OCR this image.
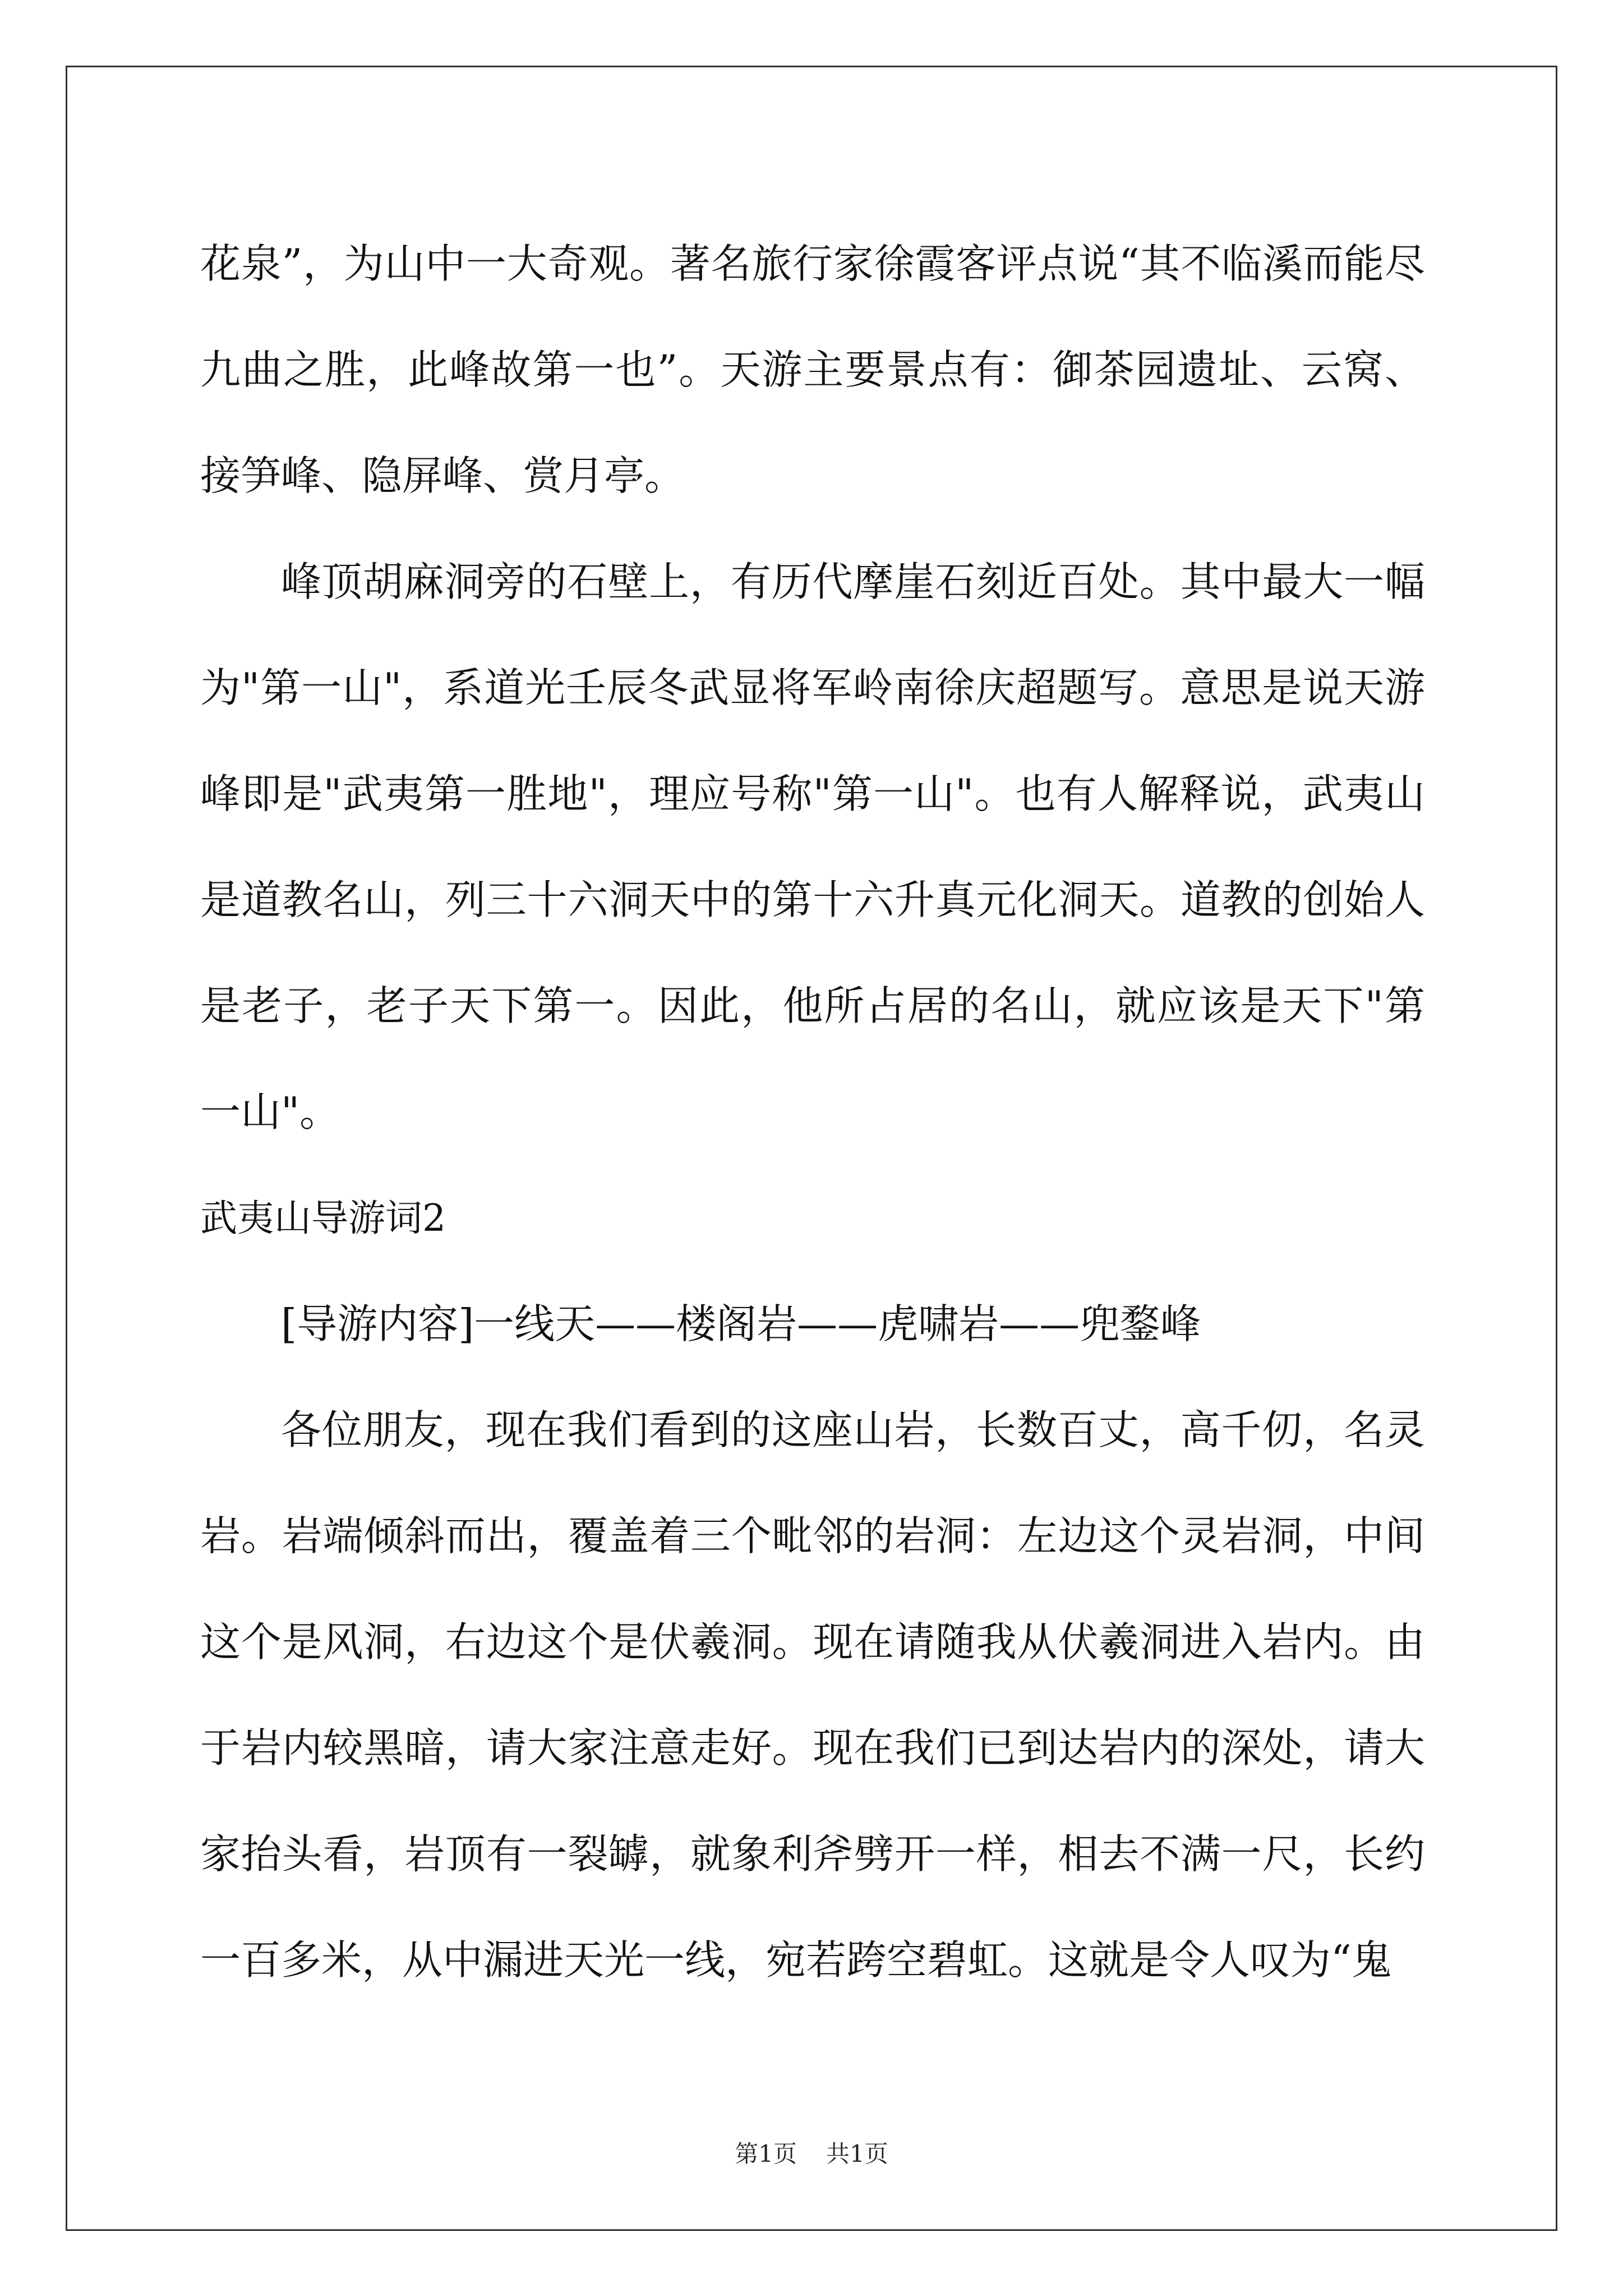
花泉”，为山中一大奇观。著名旅行家徐霞客评点说“其不临溪而能尽九曲之胜，此峰故第一也”。天游主要景点有：御茶园遗址、云窝、接笋峰、隐屏峰、赏月亭。

峰顶胡麻洞旁的石壁上，有历代摩崖石刻近百处。其中最大一幅为"第一山"，系道光壬辰冬武显将军岭南徐庆超题写。意思是说天游峰即是"武夷第一胜地"，理应号称"第一山"。也有人解释说，武夷山是道教名山，列三十六洞天中的第十六升真元化洞天。道教的创始人是老子，老子天下第一。因此，他所占居的名山，就应该是天下"第一山"。

武夷山导游词2

[导游内容]一线天——楼阁岩——虎啸岩——兜鍪峰

各位朋友，现在我们看到的这座山岩，长数百丈，高千仞，名灵岩。岩端倾斜而出，覆盖着三个毗邻的岩洞：左边这个灵岩洞，中间这个是风洞，右边这个是伏羲洞。现在请随我从伏羲洞进入岩内。由于岩内较黑暗，请大家注意走好。现在我们已到达岩内的深处，请大家抬头看，岩顶有一裂罅，就象利斧劈开一样，相去不满一尺，长约一百多米，从中漏进天光一线，宛若跨空碧虹。这就是令人叹为“鬼

第1页 共1页
